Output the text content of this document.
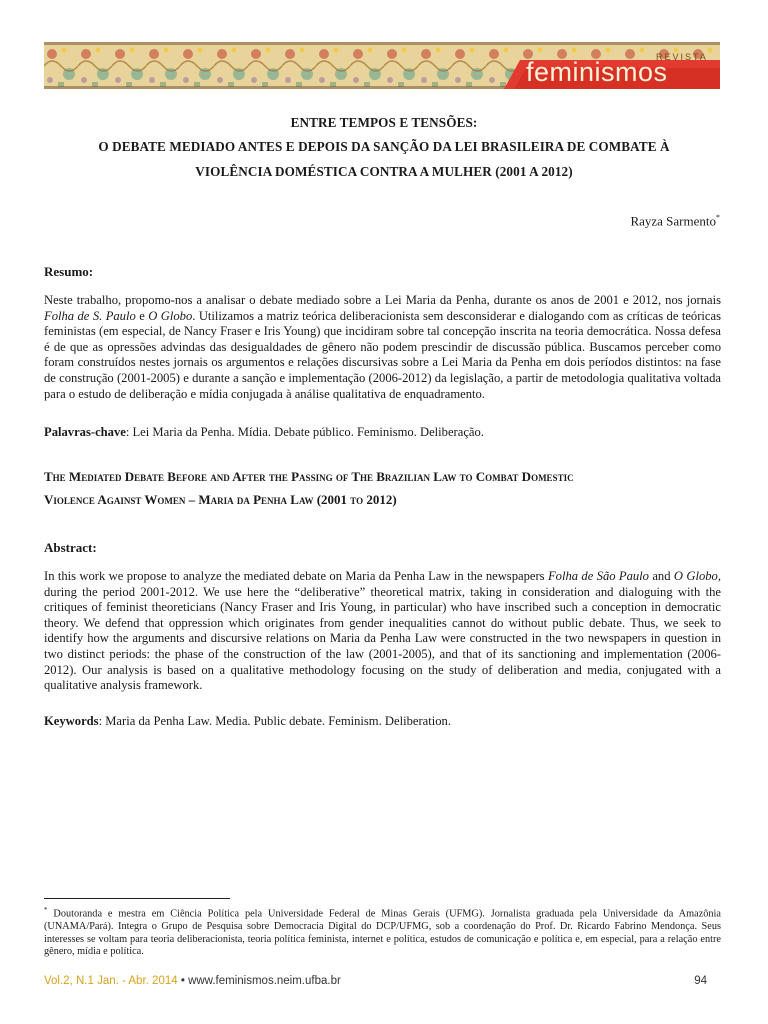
REVISTA
feminismos
ENTRE TEMPOS E TENSÕES:
O DEBATE MEDIADO ANTES E DEPOIS DA SANÇÃO DA LEI BRASILEIRA DE COMBATE À
VIOLÊNCIA DOMÉSTICA CONTRA A MULHER (2001 A 2012)
Rayza Sarmento*
Resumo:
Neste trabalho, propomo-nos a analisar o debate mediado sobre a Lei Maria da Penha, durante os anos de 2001 e 2012, nos jornais Folha de S. Paulo e O Globo. Utilizamos a matriz teórica deliberacionista sem desconsiderar e dialogando com as críticas de teóricas feministas (em especial, de Nancy Fraser e Iris Young) que incidiram sobre tal concepção inscrita na teoria democrática. Nossa defesa é de que as opressões advindas das desigualdades de gênero não podem prescindir de discussão pública. Buscamos perceber como foram construídos nestes jornais os argumentos e relações discursivas sobre a Lei Maria da Penha em dois períodos distintos: na fase de construção (2001-2005) e durante a sanção e implementação (2006-2012) da legislação, a partir de metodologia qualitativa voltada para o estudo de deliberação e mídia conjugada à análise qualitativa de enquadramento.
Palavras-chave: Lei Maria da Penha. Mídia. Debate público. Feminismo. Deliberação.
The Mediated Debate Before and After the Passing of The Brazilian Law to Combat Domestic
Violence Against Women – Maria da Penha Law (2001 to 2012)
Abstract:
In this work we propose to analyze the mediated debate on Maria da Penha Law in the newspapers Folha de São Paulo and O Globo, during the period 2001-2012. We use here the “deliberative” theoretical matrix, taking in consideration and dialoguing with the critiques of feminist theoreticians (Nancy Fraser and Iris Young, in particular) who have inscribed such a conception in democratic theory. We defend that oppression which originates from gender inequalities cannot do without public debate. Thus, we seek to identify how the arguments and discursive relations on Maria da Penha Law were constructed in the two newspapers in question in two distinct periods: the phase of the construction of the law (2001-2005), and that of its sanctioning and implementation (2006-2012). Our analysis is based on a qualitative methodology focusing on the study of deliberation and media, conjugated with a qualitative analysis framework.
Keywords: Maria da Penha Law. Media. Public debate. Feminism. Deliberation.
* Doutoranda e mestra em Ciência Política pela Universidade Federal de Minas Gerais (UFMG). Jornalista graduada pela Universidade da Amazônia (UNAMA/Pará). Integra o Grupo de Pesquisa sobre Democracia Digital do DCP/UFMG, sob a coordenação do Prof. Dr. Ricardo Fabrino Mendonça. Seus interesses se voltam para teoria deliberacionista, teoria política feminista, internet e política, estudos de comunicação e política e, em especial, para a relação entre gênero, mídia e política.
Vol.2, N.1 Jan. - Abr. 2014 • www.feminismos.neim.ufba.br	94
